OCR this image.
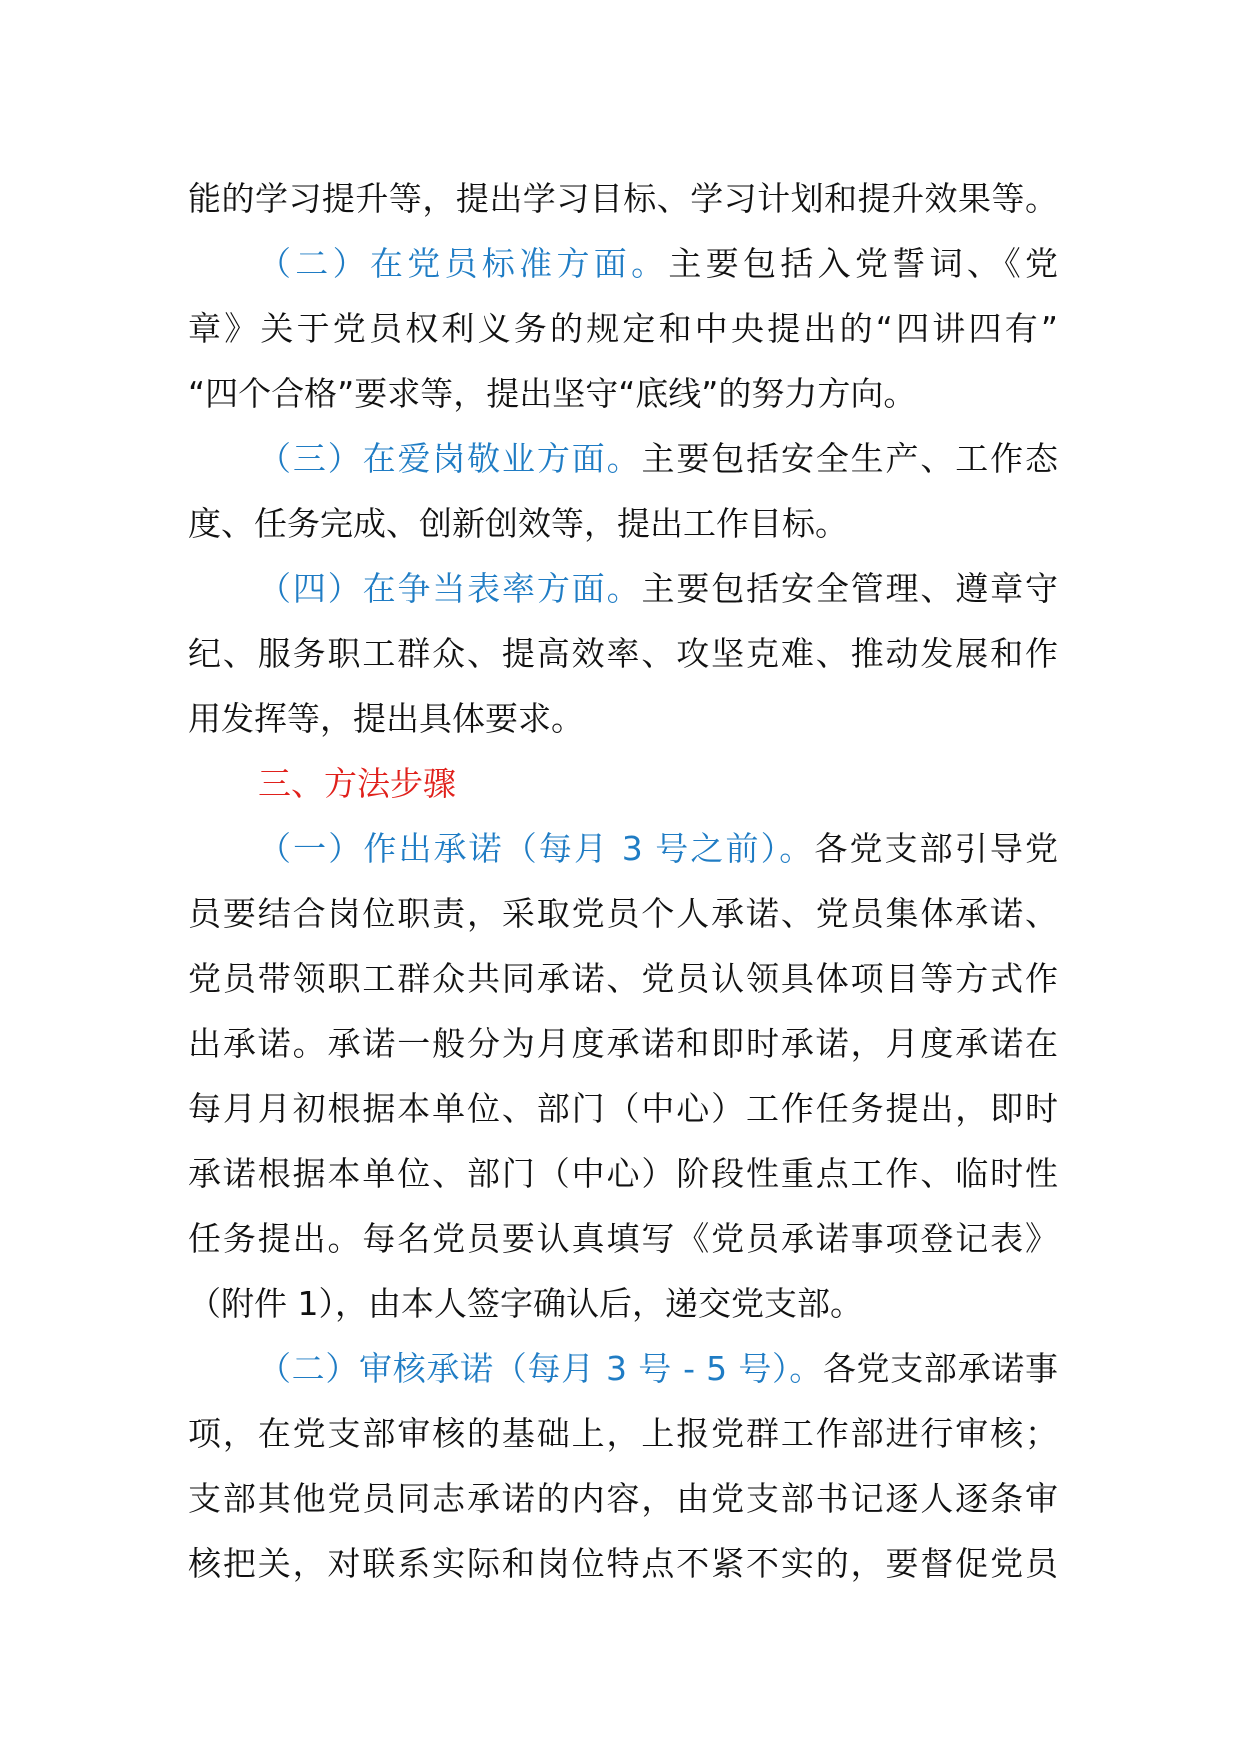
能的学习提升等，提出学习目标、学习计划和提升效果等。
（二）在党员标准方面。主要包括入党誓词、《党
章》关于党员权利义务的规定和中央提出的“四讲四有”
“四个合格”要求等，提出坚守“底线”的努力方向。
（三）在爱岗敬业方面。主要包括安全生产、工作态
度、任务完成、创新创效等，提出工作目标。
（四）在争当表率方面。主要包括安全管理、遵章守
纪、服务职工群众、提高效率、攻坚克难、推动发展和作
用发挥等，提出具体要求。
三、方法步骤
（一）作出承诺（每月 3 号之前）。各党支部引导党
员要结合岗位职责，采取党员个人承诺、党员集体承诺、
党员带领职工群众共同承诺、党员认领具体项目等方式作
出承诺。承诺一般分为月度承诺和即时承诺，月度承诺在
每月月初根据本单位、部门（中心）工作任务提出，即时
承诺根据本单位、部门（中心）阶段性重点工作、临时性
任务提出。每名党员要认真填写《党员承诺事项登记表》
（附件 1），由本人签字确认后，递交党支部。
（二）审核承诺（每月 3 号 - 5 号）。各党支部承诺事
项，在党支部审核的基础上，上报党群工作部进行审核；
支部其他党员同志承诺的内容，由党支部书记逐人逐条审
核把关，对联系实际和岗位特点不紧不实的，要督促党员
